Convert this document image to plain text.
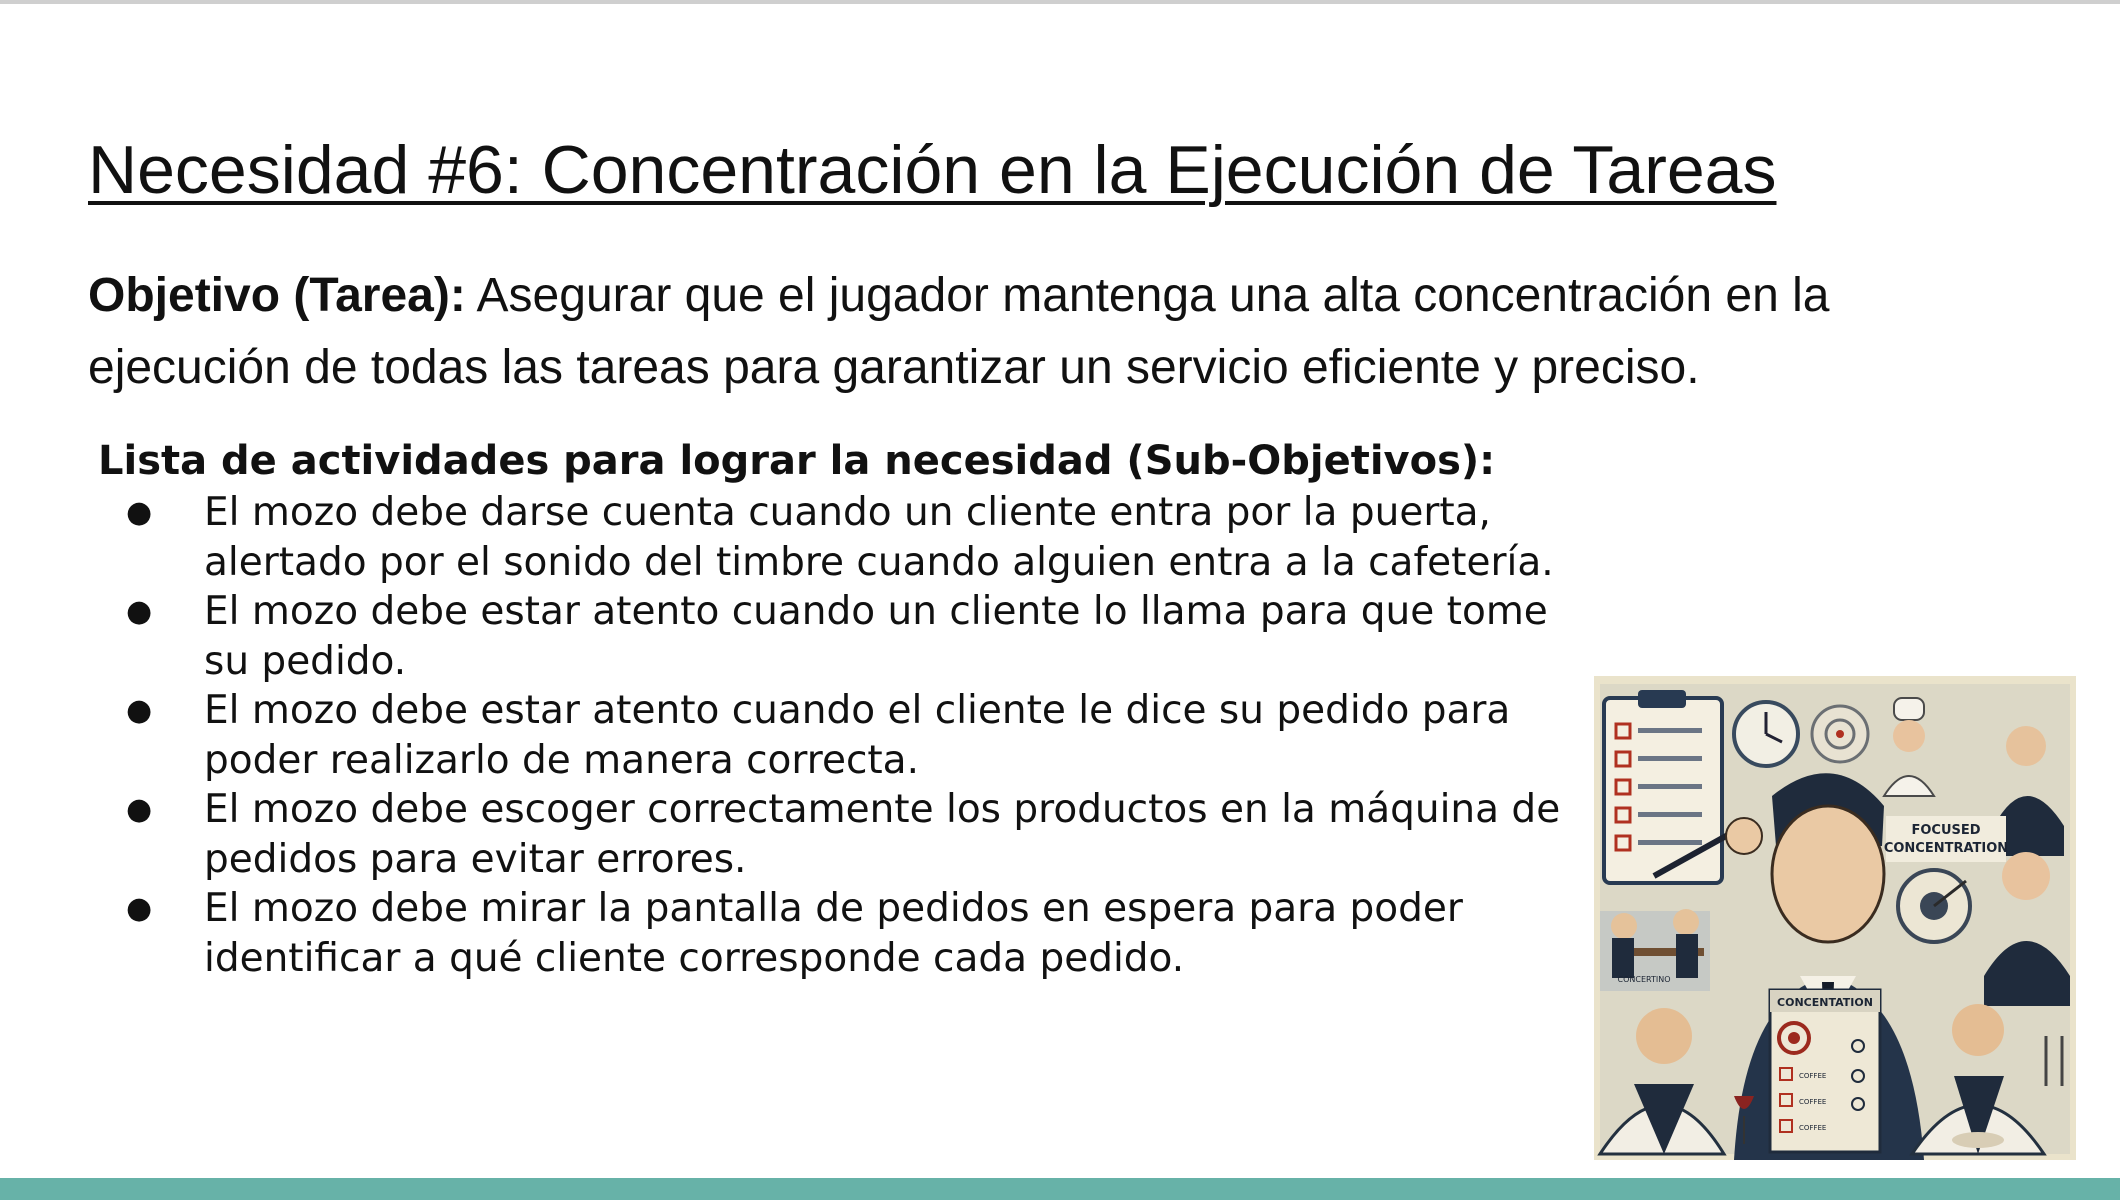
Necesidad #6: Concentración en la Ejecución de Tareas
Objetivo (Tarea): Asegurar que el jugador mantenga una alta concentración en la ejecución de todas las tareas para garantizar un servicio eficiente y preciso.
Lista de actividades para lograr la necesidad (Sub-Objetivos):
● El mozo debe darse cuenta cuando un cliente entra por la puerta, alertado por el sonido del timbre cuando alguien entra a la cafetería.
● El mozo debe estar atento cuando un cliente lo llama para que tome su pedido.
● El mozo debe estar atento cuando el cliente le dice su pedido para poder realizarlo de manera correcta.
● El mozo debe escoger correctamente los productos en la máquina de pedidos para evitar errores.
● El mozo debe mirar la pantalla de pedidos en espera para poder identificar a qué cliente corresponde cada pedido.
FOCUSED
CONCENTRATION
CONCERTINO
CONCENTATION
COFFEE
COFFEE
COFFEE
